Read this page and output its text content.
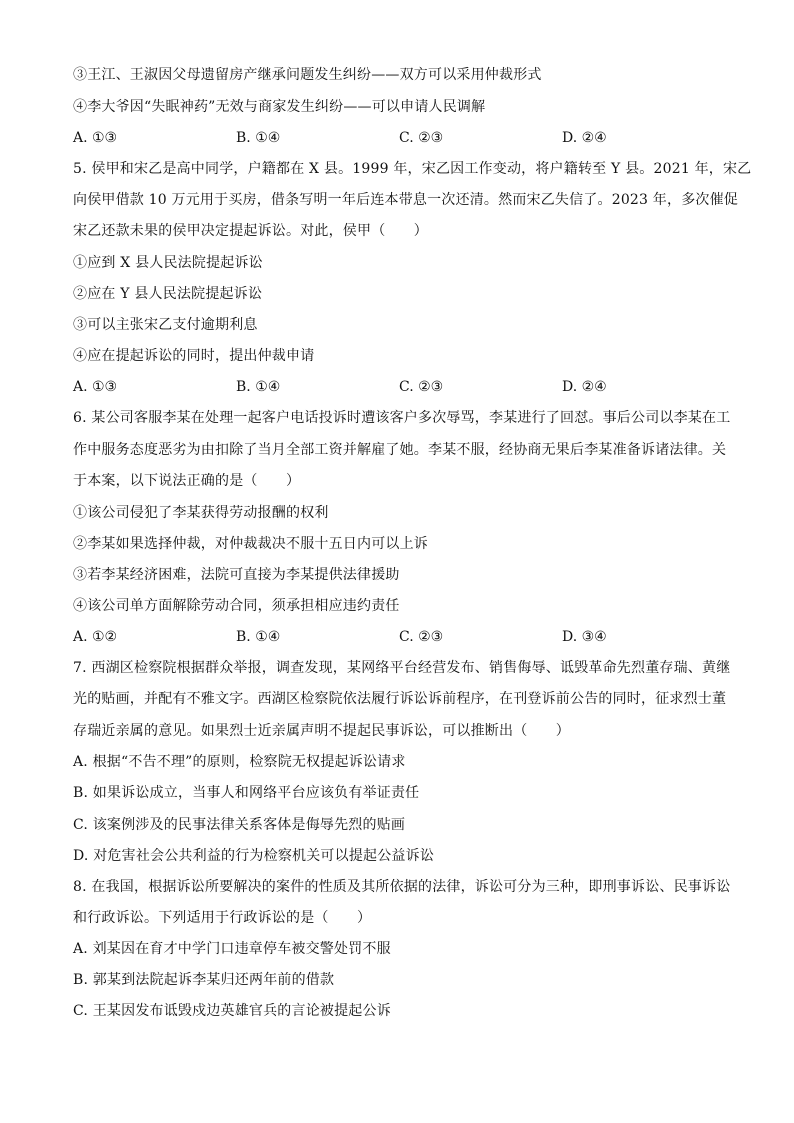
③王江、王淑因父母遗留房产继承问题发生纠纷——双方可以采用仲裁形式
④李大爷因“失眠神药”无效与商家发生纠纷——可以申请人民调解
A. ①③	B. ①④	C. ②③	D. ②④
5. 侯甲和宋乙是高中同学，户籍都在 X 县。1999 年，宋乙因工作变动，将户籍转至 Y 县。2021 年，宋乙
向侯甲借款 10 万元用于买房，借条写明一年后连本带息一次还清。然而宋乙失信了。2023 年，多次催促
宋乙还款未果的侯甲决定提起诉讼。对此，侯甲（　　）
①应到 X 县人民法院提起诉讼
②应在 Y 县人民法院提起诉讼
③可以主张宋乙支付逾期利息
④应在提起诉讼的同时，提出仲裁申请
A. ①③	B. ①④	C. ②③	D. ②④
6. 某公司客服李某在处理一起客户电话投诉时遭该客户多次辱骂，李某进行了回怼。事后公司以李某在工
作中服务态度恶劣为由扣除了当月全部工资并解雇了她。李某不服，经协商无果后李某准备诉诸法律。关
于本案，以下说法正确的是（　　）
①该公司侵犯了李某获得劳动报酬的权利
②李某如果选择仲裁，对仲裁裁决不服十五日内可以上诉
③若李某经济困难，法院可直接为李某提供法律援助
④该公司单方面解除劳动合同，须承担相应违约责任
A. ①②	B. ①④	C. ②③	D. ③④
7. 西湖区检察院根据群众举报，调查发现，某网络平台经营发布、销售侮辱、诋毁革命先烈董存瑞、黄继
光的贴画，并配有不雅文字。西湖区检察院依法履行诉讼诉前程序，在刊登诉前公告的同时，征求烈士董
存瑞近亲属的意见。如果烈士近亲属声明不提起民事诉讼，可以推断出（　　）
A. 根据“不告不理”的原则，检察院无权提起诉讼请求
B. 如果诉讼成立，当事人和网络平台应该负有举证责任
C. 该案例涉及的民事法律关系客体是侮辱先烈的贴画
D. 对危害社会公共利益的行为检察机关可以提起公益诉讼
8. 在我国，根据诉讼所要解决的案件的性质及其所依据的法律，诉讼可分为三种，即刑事诉讼、民事诉讼
和行政诉讼。下列适用于行政诉讼的是（　　）
A. 刘某因在育才中学门口违章停车被交警处罚不服
B. 郭某到法院起诉李某归还两年前的借款
C. 王某因发布诋毁戍边英雄官兵的言论被提起公诉
